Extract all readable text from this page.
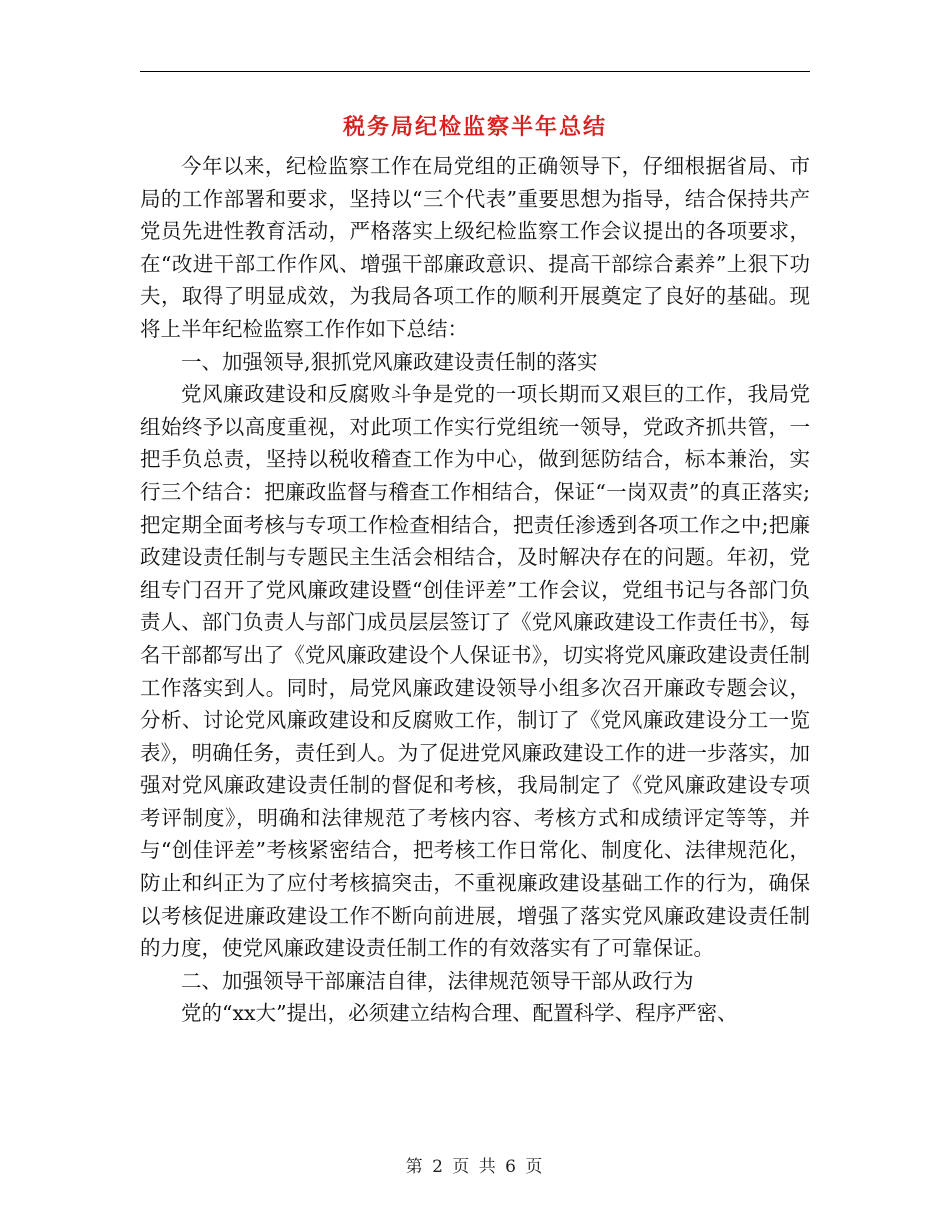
税务局纪检监察半年总结

今年以来，纪检监察工作在局党组的正确领导下，仔细根据省局、市局的工作部署和要求，坚持以“三个代表”重要思想为指导，结合保持共产党员先进性教育活动，严格落实上级纪检监察工作会议提出的各项要求，在“改进干部工作作风、增强干部廉政意识、提高干部综合素养”上狠下功夫，取得了明显成效，为我局各项工作的顺利开展奠定了良好的基础。现将上半年纪检监察工作作如下总结：

一、加强领导,狠抓党风廉政建设责任制的落实

党风廉政建设和反腐败斗争是党的一项长期而又艰巨的工作，我局党组始终予以高度重视，对此项工作实行党组统一领导，党政齐抓共管，一把手负总责，坚持以税收稽查工作为中心，做到惩防结合，标本兼治，实行三个结合：把廉政监督与稽查工作相结合，保证“一岗双责”的真正落实;把定期全面考核与专项工作检查相结合，把责任渗透到各项工作之中;把廉政建设责任制与专题民主生活会相结合，及时解决存在的问题。年初，党组专门召开了党风廉政建设暨“创佳评差”工作会议，党组书记与各部门负责人、部门负责人与部门成员层层签订了《党风廉政建设工作责任书》，每名干部都写出了《党风廉政建设个人保证书》，切实将党风廉政建设责任制工作落实到人。同时，局党风廉政建设领导小组多次召开廉政专题会议，分析、讨论党风廉政建设和反腐败工作，制订了《党风廉政建设分工一览表》，明确任务，责任到人。为了促进党风廉政建设工作的进一步落实，加强对党风廉政建设责任制的督促和考核，我局制定了《党风廉政建设专项考评制度》，明确和法律规范了考核内容、考核方式和成绩评定等等，并与“创佳评差”考核紧密结合，把考核工作日常化、制度化、法律规范化，防止和纠正为了应付考核搞突击，不重视廉政建设基础工作的行为，确保以考核促进廉政建设工作不断向前进展，增强了落实党风廉政建设责任制的力度，使党风廉政建设责任制工作的有效落实有了可靠保证。

二、加强领导干部廉洁自律，法律规范领导干部从政行为

党的“xx大”提出，必须建立结构合理、配置科学、程序严密、

第 2 页 共 6 页
